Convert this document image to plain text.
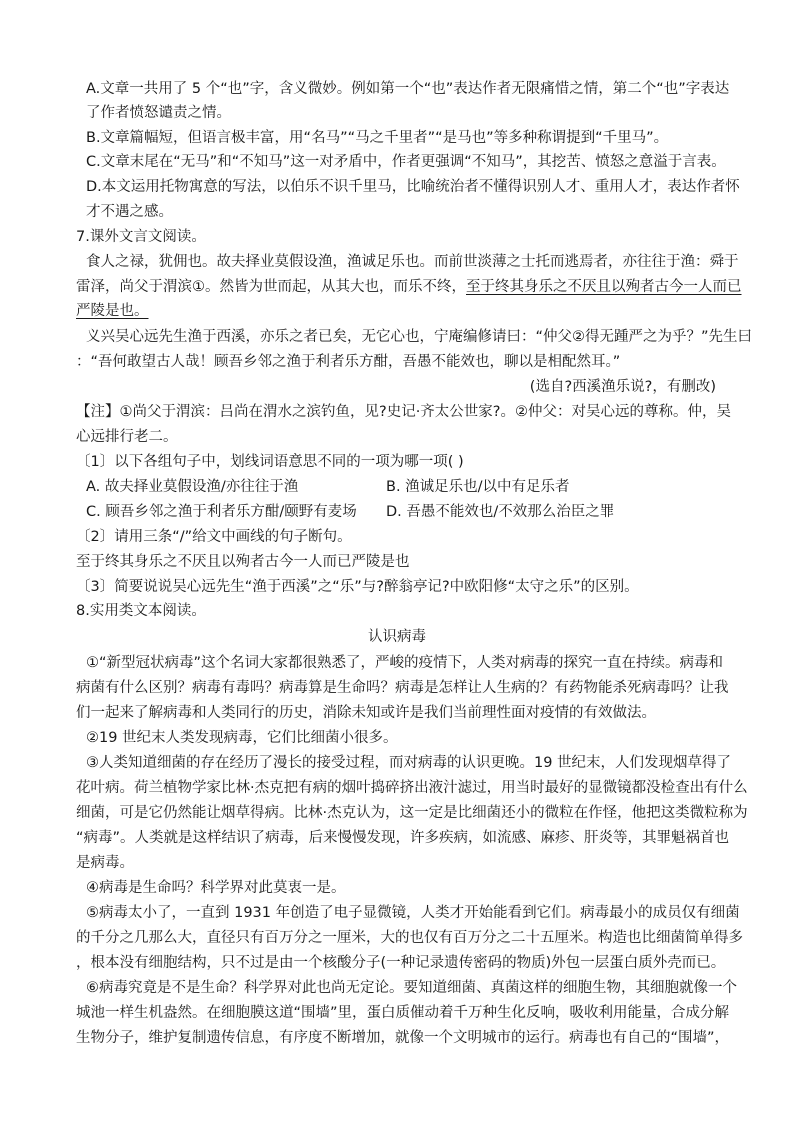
A.文章一共用了 5 个“也”字，含义微妙。例如第一个“也”表达作者无限痛惜之情，第二个“也”字表达
了作者愤怒谴责之情。
B.文章篇幅短，但语言极丰富，用“名马”“马之千里者”“是马也”等多种称谓提到“千里马”。
C.文章末尾在“无马”和“不知马”这一对矛盾中，作者更强调“不知马”，其挖苦、愤怒之意溢于言表。
D.本文运用托物寓意的写法，以伯乐不识千里马，比喻统治者不懂得识别人才、重用人才，表达作者怀
才不遇之感。
7.课外文言文阅读。
食人之禄，犹佣也。故夫择业莫假设渔，渔诚足乐也。而前世淡薄之士托而逃焉者，亦往往于渔：舜于
雷泽，尚父于渭滨①。然皆为世而起，从其大也，而乐不终，至于终其身乐之不厌且以殉者古今一人而已
严陵是也。
义兴吴心远先生渔于西溪，亦乐之者已矣，无它心也，宁庵编修请曰：“仲父②得无踵严之为乎？”先生曰
：“吾何敢望古人哉！顾吾乡邻之渔于利者乐方酣，吾愚不能效也，聊以是相配然耳。”
(选自?西溪渔乐说?，有删改)
【注】①尚父于渭滨：吕尚在渭水之滨钓鱼，见?史记·齐太公世家?。②仲父：对吴心远的尊称。仲，吴
心远排行老二。
〔1〕以下各组句子中，划线词语意思不同的一项为哪一项( )
A. 故夫择业莫假设渔/亦往往于渔	B. 渔诚足乐也/以中有足乐者
C. 顾吾乡邻之渔于利者乐方酣/颐野有麦场 D. 吾愚不能效也/不效那么治臣之罪
〔2〕请用三条“/”给文中画线的句子断句。
至于终其身乐之不厌且以殉者古今一人而已严陵是也
〔3〕简要说说吴心远先生“渔于西溪”之“乐”与?醉翁亭记?中欧阳修“太守之乐”的区别。
8.实用类文本阅读。
认识病毒
①“新型冠状病毒”这个名词大家都很熟悉了，严峻的疫情下，人类对病毒的探究一直在持续。病毒和
病菌有什么区别？病毒有毒吗？病毒算是生命吗？病毒是怎样让人生病的？有药物能杀死病毒吗？让我
们一起来了解病毒和人类同行的历史，消除未知或许是我们当前理性面对疫情的有效做法。
②19 世纪末人类发现病毒，它们比细菌小很多。
③人类知道细菌的存在经历了漫长的接受过程，而对病毒的认识更晚。19 世纪末，人们发现烟草得了
花叶病。荷兰植物学家比林·杰克把有病的烟叶捣碎挤出液汁滤过，用当时最好的显微镜都没检查出有什么
细菌，可是它仍然能让烟草得病。比林·杰克认为，这一定是比细菌还小的微粒在作怪，他把这类微粒称为
“病毒”。人类就是这样结识了病毒，后来慢慢发现，许多疾病，如流感、麻疹、肝炎等，其罪魁祸首也
是病毒。
④病毒是生命吗？科学界对此莫衷一是。
⑤病毒太小了，一直到 1931 年创造了电子显微镜，人类才开始能看到它们。病毒最小的成员仅有细菌
的千分之几那么大，直径只有百万分之一厘米，大的也仅有百万分之二十五厘米。构造也比细菌简单得多
，根本没有细胞结构，只不过是由一个核酸分子(一种记录遗传密码的物质)外包一层蛋白质外壳而已。
⑥病毒究竟是不是生命？科学界对此也尚无定论。要知道细菌、真菌这样的细胞生物，其细胞就像一个
城池一样生机盎然。在细胞膜这道“围墙”里，蛋白质催动着千万种生化反响，吸收利用能量，合成分解
生物分子，维护复制遗传信息，有序度不断增加，就像一个文明城市的运行。病毒也有自己的“围墙”，
